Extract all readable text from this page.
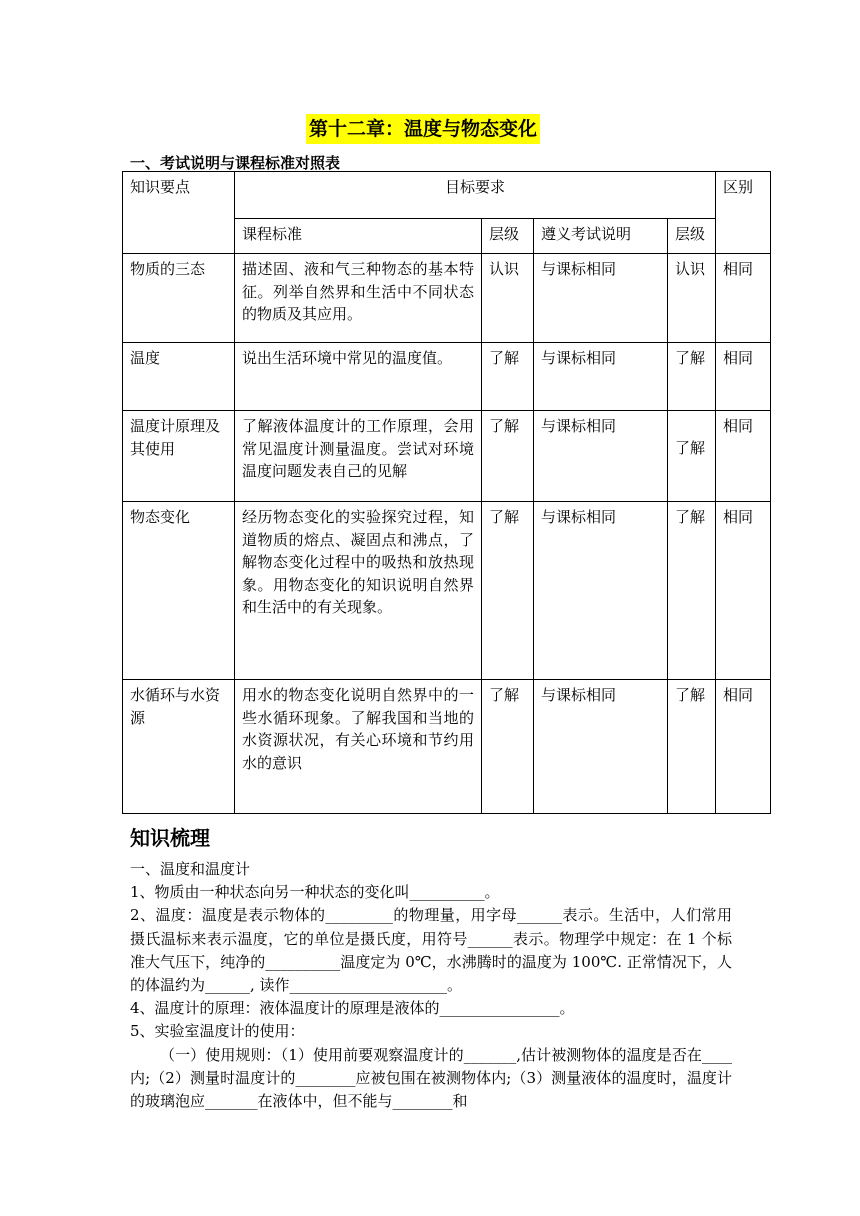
第十二章：温度与物态变化
一、考试说明与课程标准对照表
知识要点	目标要求				区别
	课程标准	层级	遵义考试说明	层级	
物质的三态	描述固、液和气三种物态的基本特征。列举自然界和生活中不同状态的物质及其应用。	认识	与课标相同	认识	相同
温度	说出生活环境中常见的温度值。	了解	与课标相同	了解	相同
温度计原理及其使用	了解液体温度计的工作原理，会用常见温度计测量温度。尝试对环境温度问题发表自己的见解	了解	与课标相同	了解	相同
物态变化	经历物态变化的实验探究过程，知道物质的熔点、凝固点和沸点，了解物态变化过程中的吸热和放热现象。用物态变化的知识说明自然界和生活中的有关现象。	了解	与课标相同	了解	相同
水循环与水资源	用水的物态变化说明自然界中的一些水循环现象。了解我国和当地的水资源状况，有关心环境和节约用水的意识	了解	与课标相同	了解	相同
知识梳理

一、温度和温度计

1、物质由一种状态向另一种状态的变化叫__________。

2、温度：温度是表示物体的_________的物理量，用字母______表示。生活中，人们常用摄氏温标来表示温度，它的单位是摄氏度，用符号______表示。物理学中规定：在 1 个标准大气压下，纯净的__________温度定为 0℃，水沸腾时的温度为 100℃. 正常情况下，人的体温约为______, 读作_____________________。

4、温度计的原理：液体温度计的原理是液体的________________。

5、实验室温度计的使用：

（一）使用规则：（1）使用前要观察温度计的_______,估计被测物体的温度是否在____内;（2）测量时温度计的________应被包围在被测物体内;（3）测量液体的温度时，温度计的玻璃泡应_______在液体中，但不能与________和
